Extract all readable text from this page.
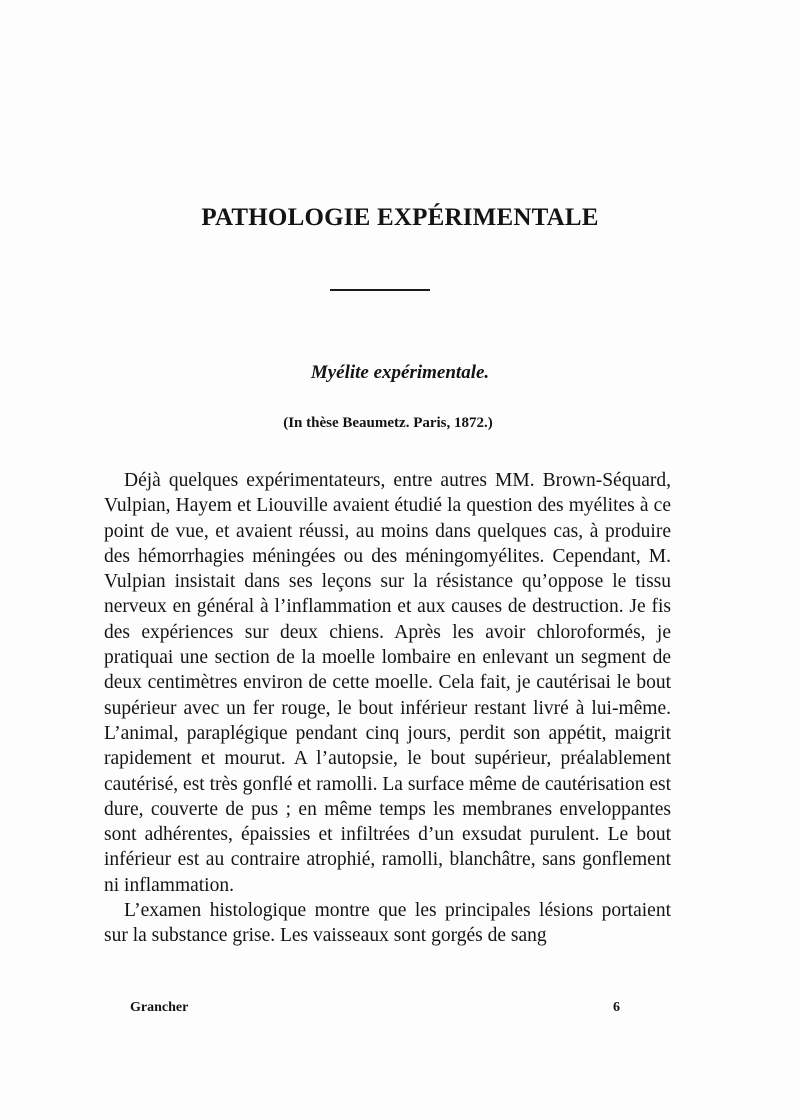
PATHOLOGIE EXPÉRIMENTALE
Myélite expérimentale.
(In thèse Beaumetz. Paris, 1872.)

Déjà quelques expérimentateurs, entre autres MM. Brown-Séquard, Vulpian, Hayem et Liouville avaient étudié la question des myélites à ce point de vue, et avaient réussi, au moins dans quelques cas, à produire des hémorrhagies méningées ou des méningomyélites. Cependant, M. Vulpian insistait dans ses leçons sur la résistance qu’oppose le tissu nerveux en général à l’inflammation et aux causes de destruction. Je fis des expériences sur deux chiens. Après les avoir chloroformés, je pratiquai une section de la moelle lombaire en enlevant un segment de deux centimètres environ de cette moelle. Cela fait, je cautérisai le bout supérieur avec un fer rouge, le bout inférieur restant livré à lui-même. L’animal, paraplégique pendant cinq jours, perdit son appétit, maigrit rapidement et mourut. A l’autopsie, le bout supérieur, préalablement cautérisé, est très gonflé et ramolli. La surface même de cautérisation est dure, couverte de pus ; en même temps les membranes enveloppantes sont adhérentes, épaissies et infiltrées d’un exsudat purulent. Le bout inférieur est au contraire atrophié, ramolli, blanchâtre, sans gonflement ni inflammation.

L’examen histologique montre que les principales lésions portaient sur la substance grise. Les vaisseaux sont gorgés de sang

Grancher	6
